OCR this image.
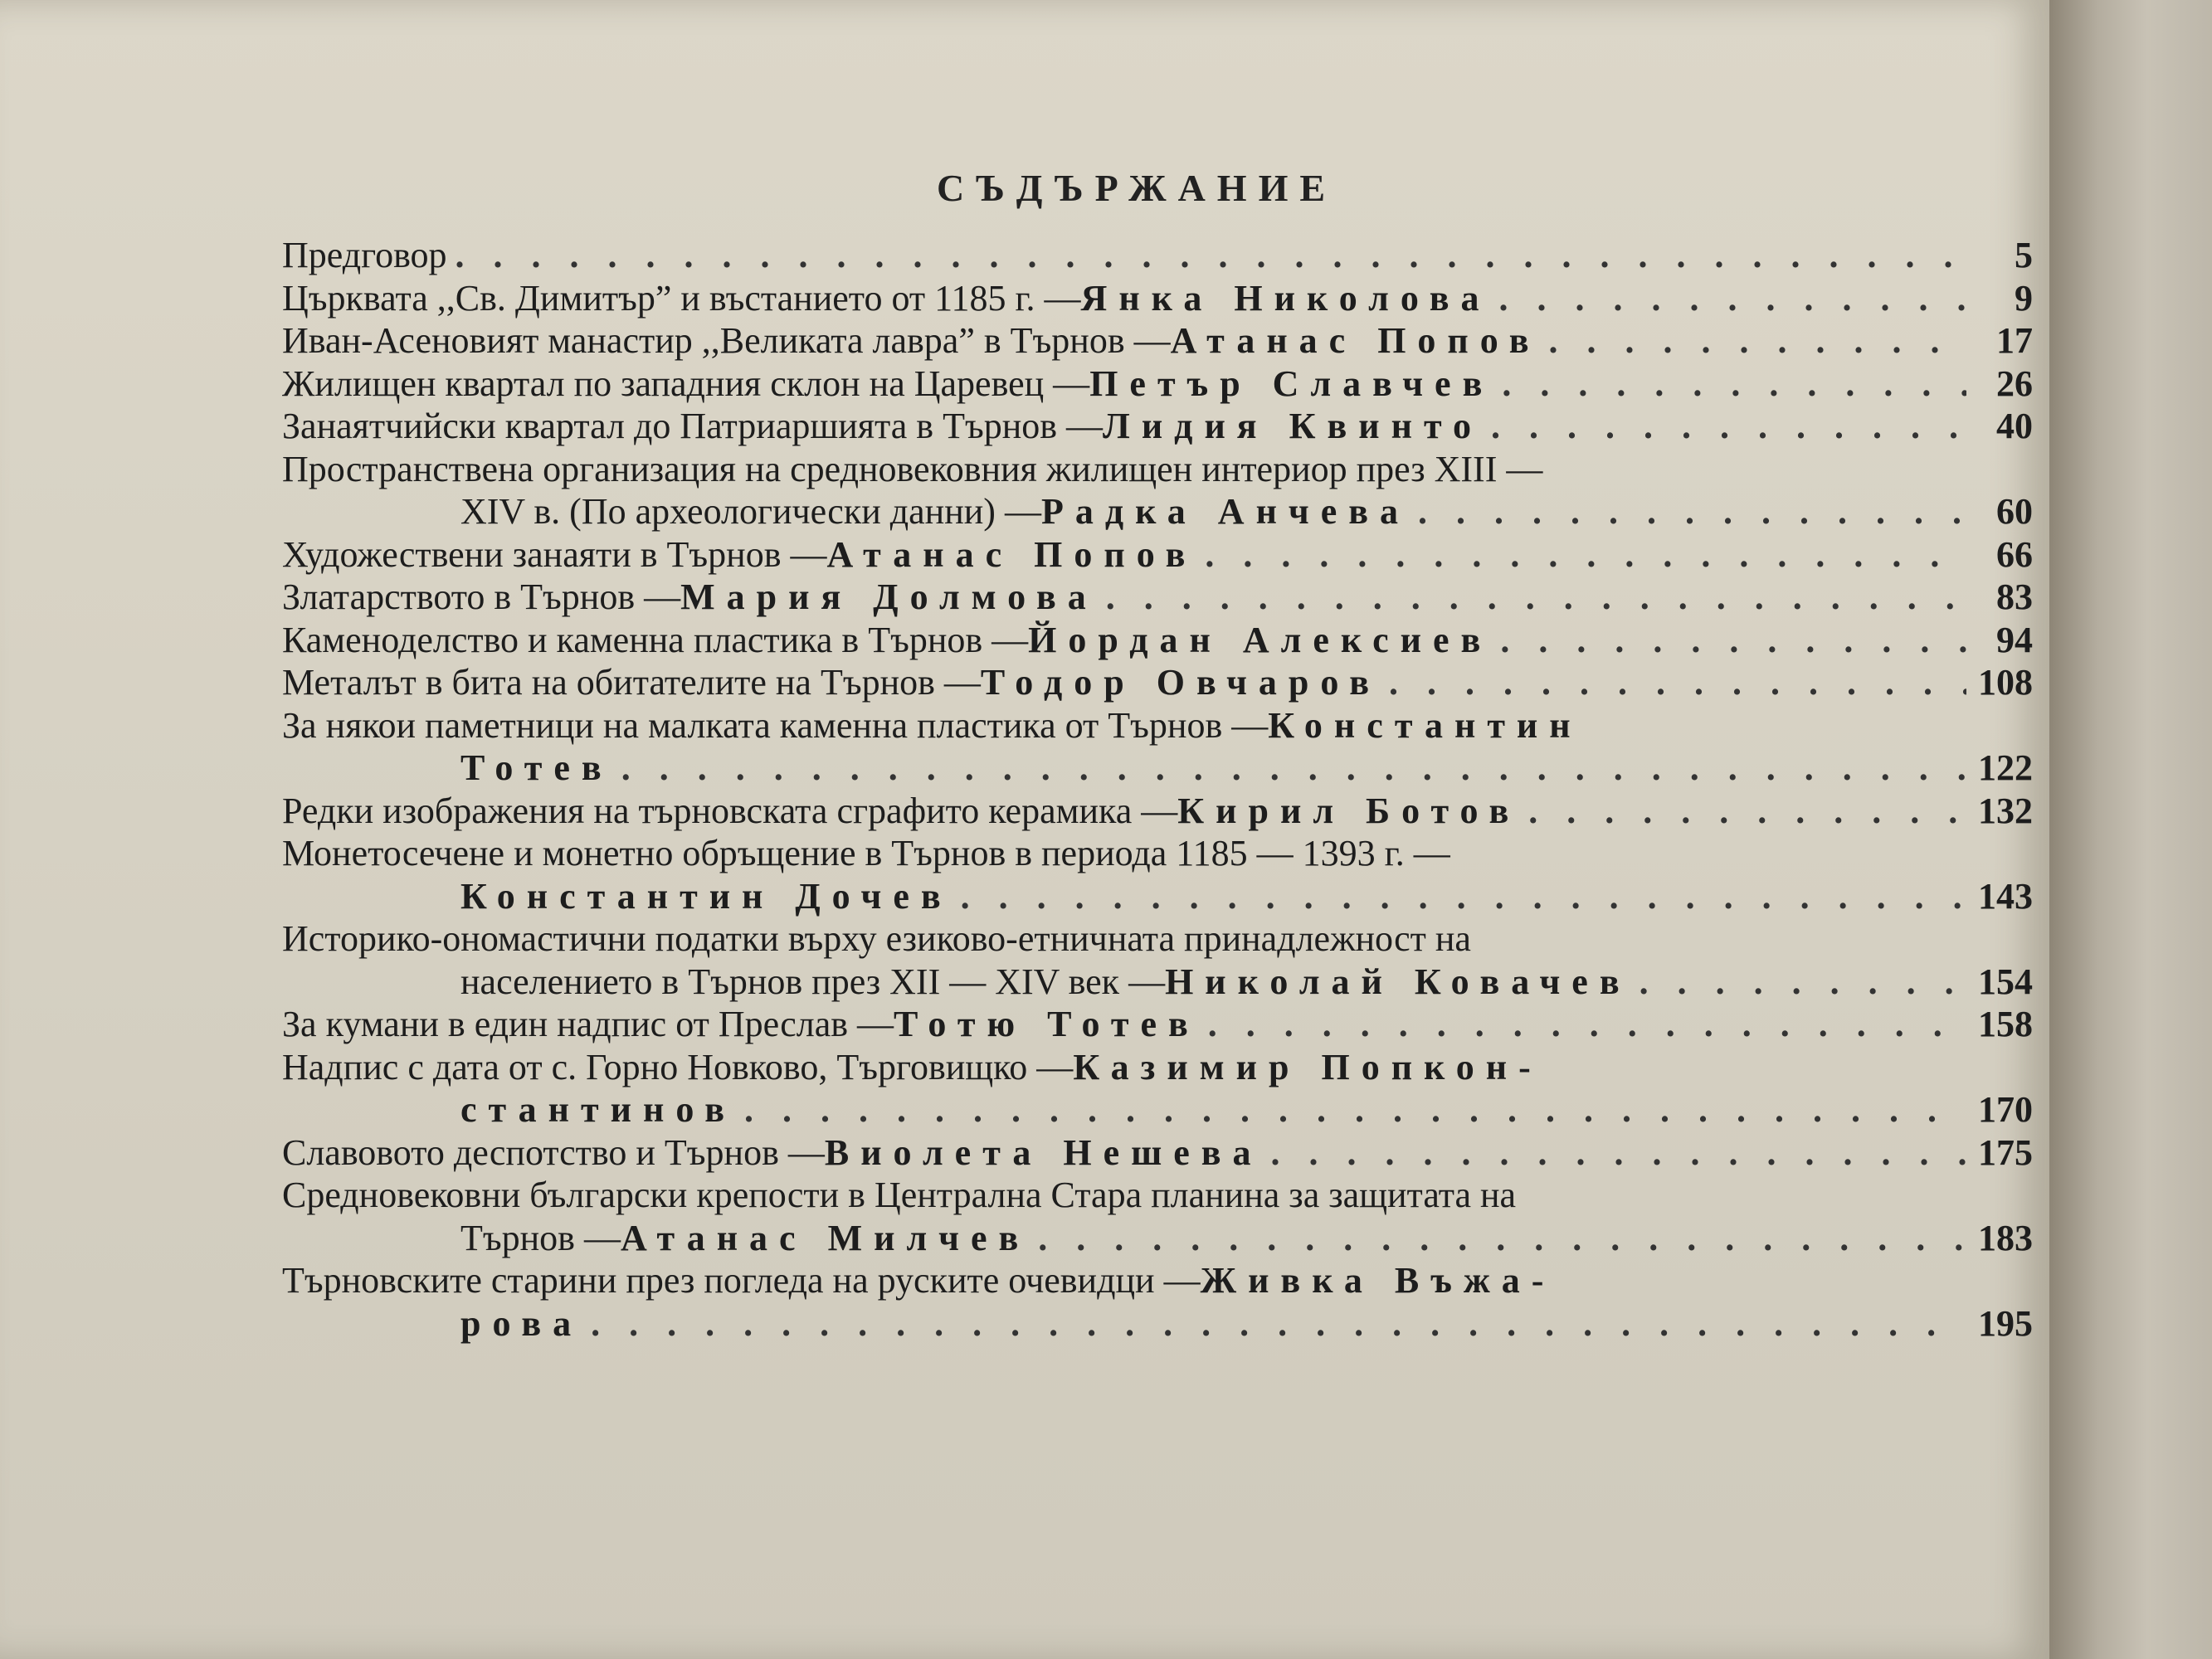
СЪДЪРЖАНИЕ
Предговор . . .	5
Църквата ,,Св. Димитър” и въстанието от 1185 г. — Янка Николова . . .	9
Иван-Асеновият манастир ,,Великата лавра” в Търнов — Атанас Попов . . .	17
Жилищен квартал по западния склон на Царевец — Петър Славчев . . .	26
Занаятчийски квартал до Патриаршията в Търнов — Лидия Квинто . . .	40
Пространствена организация на средновековния жилищен интериор през XIII —
XIV в. (По археологически данни) — Радка Анчева . . .	60
Художествени занаяти в Търнов — Атанас Попов . . .	66
Златарството в Търнов — Мария Долмова . . .	83
Каменоделство и каменна пластика в Търнов — Йордан Алексиев . . .	94
Металът в бита на обитателите на Търнов — Тодор Овчаров . . .	108
За някои паметници на малката каменна пластика от Търнов — Константин
Тотев . . .	122
Редки изображения на търновската сграфито керамика — Кирил Ботов . . .	132
Монетосечене и монетно обръщение в Търнов в периода 1185 — 1393 г. —
Константин Дочев . . .	143
Историко-ономастични податки върху езиково-етничната принадлежност на
населението в Търнов през XII — XIV век — Николай Ковачев . . .	154
За кумани в един надпис от Преслав — Тотю Тотев . . .	158
Надпис с дата от с. Горно Новково, Търговищко — Казимир Попкон-
стантинов . . .	170
Славовото деспотство и Търнов — Виолета Нешева . . .	175
Средновековни български крепости в Централна Стара планина за защитата на
Търнов — Атанас Милчев . . .	183
Търновските старини през погледа на руските очевидци — Живка Въжа-
рова . . .	195
